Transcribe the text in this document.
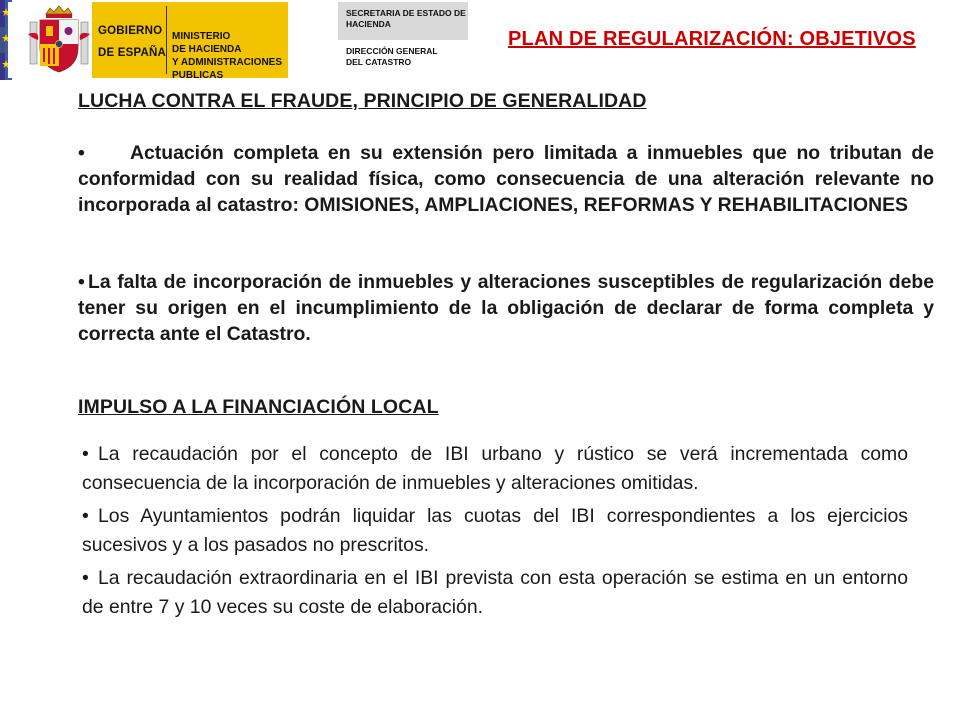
GOBIERNO
DE ESPAÑA
MINISTERIO
DE HACIENDA
Y ADMINISTRACIONES PUBLICAS
SECRETARIA DE ESTADO DE
HACIENDA
DIRECCIÓN GENERAL
DEL CATASTRO
PLAN DE REGULARIZACIÓN: OBJETIVOS
LUCHA CONTRA EL FRAUDE, PRINCIPIO DE GENERALIDAD
• Actuación completa en su extensión pero limitada a inmuebles que no tributan de conformidad con su realidad física, como consecuencia de una alteración relevante no incorporada al catastro: OMISIONES, AMPLIACIONES, REFORMAS Y REHABILITACIONES
• La falta de incorporación de inmuebles y alteraciones susceptibles de regularización debe tener su origen en el incumplimiento de la obligación de declarar de forma completa y correcta ante el Catastro.
IMPULSO A LA FINANCIACIÓN LOCAL
• La recaudación por el concepto de IBI urbano y rústico se verá incrementada como consecuencia de la incorporación de inmuebles y alteraciones omitidas.
• Los Ayuntamientos podrán liquidar las cuotas del IBI correspondientes a los ejercicios sucesivos y a los pasados no prescritos.
• La recaudación extraordinaria en el IBI prevista con esta operación se estima en un entorno de entre 7 y 10 veces su coste de elaboración.
